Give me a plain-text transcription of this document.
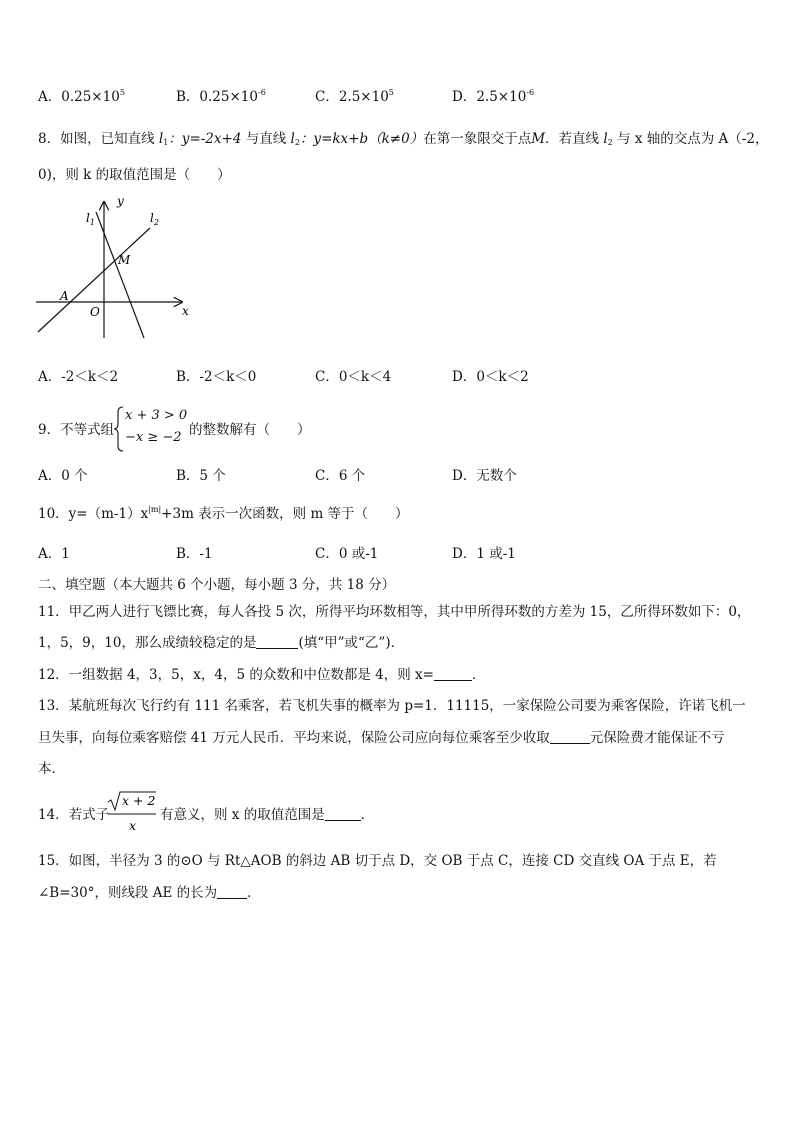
A．$0.25\times 10^5$	B．$0.25\times 10^{-6}$	C．$2.5\times 10^5$	D．$2.5\times 10^{-6}$
8．如图，已知直线 $l_1$：y=-2x+4 与直线 $l_2$：y=kx+b（k≠0）在第一象限交于点M．若直线 $l_2$ 与 x 轴的交点为 A（-2，
0)，则 k 的取值范围是（　　）
y
x
$l_1$	$l_2$
M
A
O
A．-2＜k＜2	B．-2＜k＜0	C．0＜k＜4	D．0＜k＜2
9．不等式组
x + 3 > 0
−x ≥ −2 的整数解有（　　）
A．0 个	B．5 个	C．6 个	D．无数个
10．$y=(m-1)x^{|m|}+3m$ 表示一次函数，则 m 等于（　　）
A．1	B．-1	C．0 或-1	D．1 或-1
二、填空题（本大题共 6 个小题，每小题 3 分，共 18 分）
11．甲乙两人进行飞镖比赛，每人各投 5 次，所得平均环数相等，其中甲所得环数的方差为 15，乙所得环数如下：0，
1，5，9，10，那么成绩较稳定的是	(填“甲”或“乙”)．
12．一组数据 4，3，5，x，4，5 的众数和中位数都是 4，则 x=	．
13．某航班每次飞行约有 111 名乘客，若飞机失事的概率为 p=1．11115，一家保险公司要为乘客保险，许诺飞机一
旦失事，向每位乘客赔偿 41 万元人民币．平均来说，保险公司应向每位乘客至少收取	元保险费才能保证不亏
本．
14．若式子
x + 2
x
有意义，则 x 的取值范围是	．
15．如图，半径为 3 的⊙O 与 Rt△AOB 的斜边 AB 切于点 D，交 OB 于点 C，连接 CD 交直线 OA 于点 E，若
∠B=30°，则线段 AE 的长为 ．
